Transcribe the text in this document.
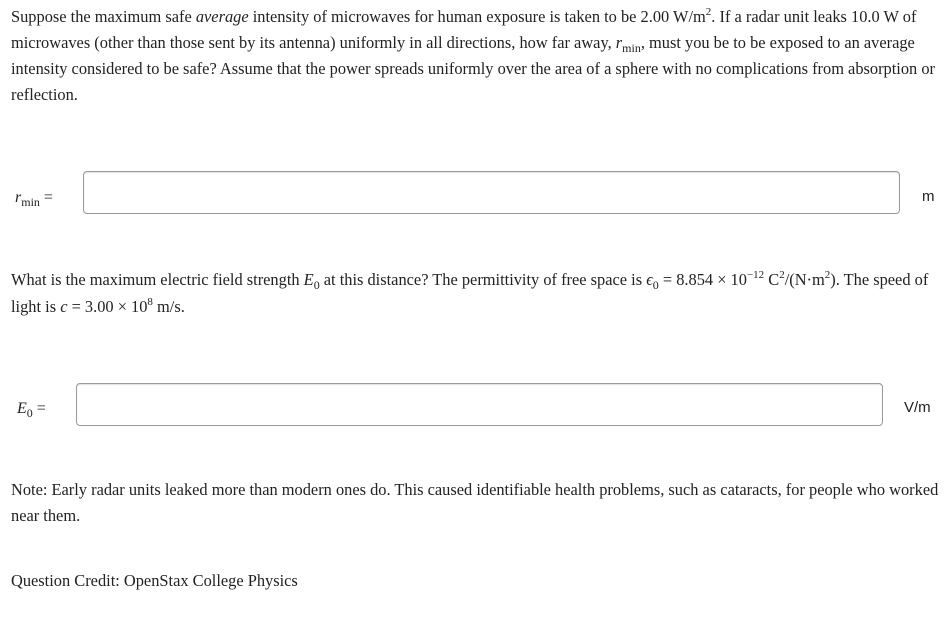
Suppose the maximum safe average intensity of microwaves for human exposure is taken to be 2.00 $W/m^2$. If a radar unit leaks 10.0 W of microwaves (other than those sent by its antenna) uniformly in all directions, how far away, $r_{min}$, must you be to be exposed to an average intensity considered to be safe? Assume that the power spreads uniformly over the area of a sphere with no complications from absorption or reflection.

$r_{min}$ =	m

What is the maximum electric field strength $E_0$ at this distance? The permittivity of free space is $\epsilon_0 = 8.854 \times 10^{-12}$ $C^2/(N\cdot m^2)$. The speed of light is $c = 3.00 \times 10^8$ m/s.

$E_0$ =	V/m

Note: Early radar units leaked more than modern ones do. This caused identifiable health problems, such as cataracts, for people who worked near them.

Question Credit: OpenStax College Physics
